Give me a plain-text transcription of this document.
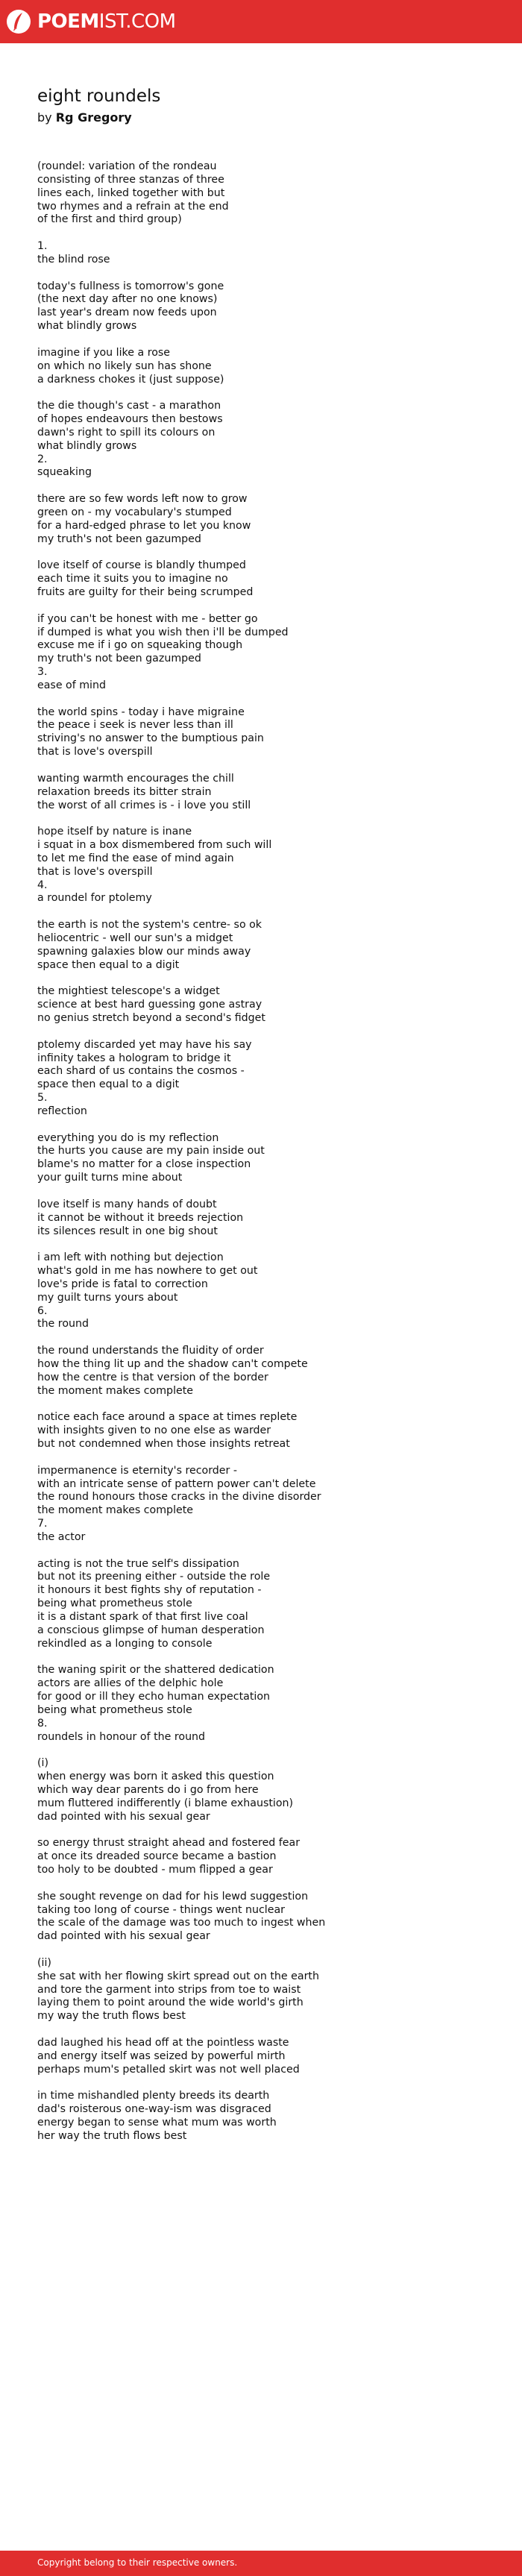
POEMIST.COM
eight roundels
by Rg Gregory
(roundel: variation of the rondeau
consisting of three stanzas of three
lines each, linked together with but
two rhymes and a refrain at the end
of the first and third group)

1.
the blind rose

today's fullness is tomorrow's gone
(the next day after no one knows)
last year's dream now feeds upon
what blindly grows

imagine if you like a rose
on which no likely sun has shone
a darkness chokes it (just suppose)

the die though's cast - a marathon
of hopes endeavours then bestows
dawn's right to spill its colours on
what blindly grows
2.
squeaking

there are so few words left now to grow
green on - my vocabulary's stumped
for a hard-edged phrase to let you know
my truth's not been gazumped

love itself of course is blandly thumped
each time it suits you to imagine no
fruits are guilty for their being scrumped

if you can't be honest with me - better go
if dumped is what you wish then i'll be dumped
excuse me if i go on squeaking though
my truth's not been gazumped
3.
ease of mind

the world spins - today i have migraine
the peace i seek is never less than ill
striving's no answer to the bumptious pain
that is love's overspill

wanting warmth encourages the chill
relaxation breeds its bitter strain
the worst of all crimes is - i love you still

hope itself by nature is inane
i squat in a box dismembered from such will
to let me find the ease of mind again
that is love's overspill
4.
a roundel for ptolemy

the earth is not the system's centre- so ok
heliocentric - well our sun's a midget
spawning galaxies blow our minds away
space then equal to a digit

the mightiest telescope's a widget
science at best hard guessing gone astray
no genius stretch beyond a second's fidget

ptolemy discarded yet may have his say
infinity takes a hologram to bridge it
each shard of us contains the cosmos -
space then equal to a digit
5.
reflection

everything you do is my reflection
the hurts you cause are my pain inside out
blame's no matter for a close inspection
your guilt turns mine about

love itself is many hands of doubt
it cannot be without it breeds rejection
its silences result in one big shout

i am left with nothing but dejection
what's gold in me has nowhere to get out
love's pride is fatal to correction
my guilt turns yours about
6.
the round

the round understands the fluidity of order
how the thing lit up and the shadow can't compete
how the centre is that version of the border
the moment makes complete

notice each face around a space at times replete
with insights given to no one else as warder
but not condemned when those insights retreat

impermanence is eternity's recorder -
with an intricate sense of pattern power can't delete
the round honours those cracks in the divine disorder
the moment makes complete
7.
the actor

acting is not the true self's dissipation
but not its preening either - outside the role
it honours it best fights shy of reputation -
being what prometheus stole
it is a distant spark of that first live coal
a conscious glimpse of human desperation
rekindled as a longing to console

the waning spirit or the shattered dedication
actors are allies of the delphic hole
for good or ill they echo human expectation
being what prometheus stole
8.
roundels in honour of the round

(i)
when energy was born it asked this question
which way dear parents do i go from here
mum fluttered indifferently (i blame exhaustion)
dad pointed with his sexual gear

so energy thrust straight ahead and fostered fear
at once its dreaded source became a bastion
too holy to be doubted - mum flipped a gear

she sought revenge on dad for his lewd suggestion
taking too long of course - things went nuclear
the scale of the damage was too much to ingest when
dad pointed with his sexual gear

(ii)
she sat with her flowing skirt spread out on the earth
and tore the garment into strips from toe to waist
laying them to point around the wide world's girth
my way the truth flows best

dad laughed his head off at the pointless waste
and energy itself was seized by powerful mirth
perhaps mum's petalled skirt was not well placed

in time mishandled plenty breeds its dearth
dad's roisterous one-way-ism was disgraced
energy began to sense what mum was worth
her way the truth flows best
Copyright belong to their respective owners.
